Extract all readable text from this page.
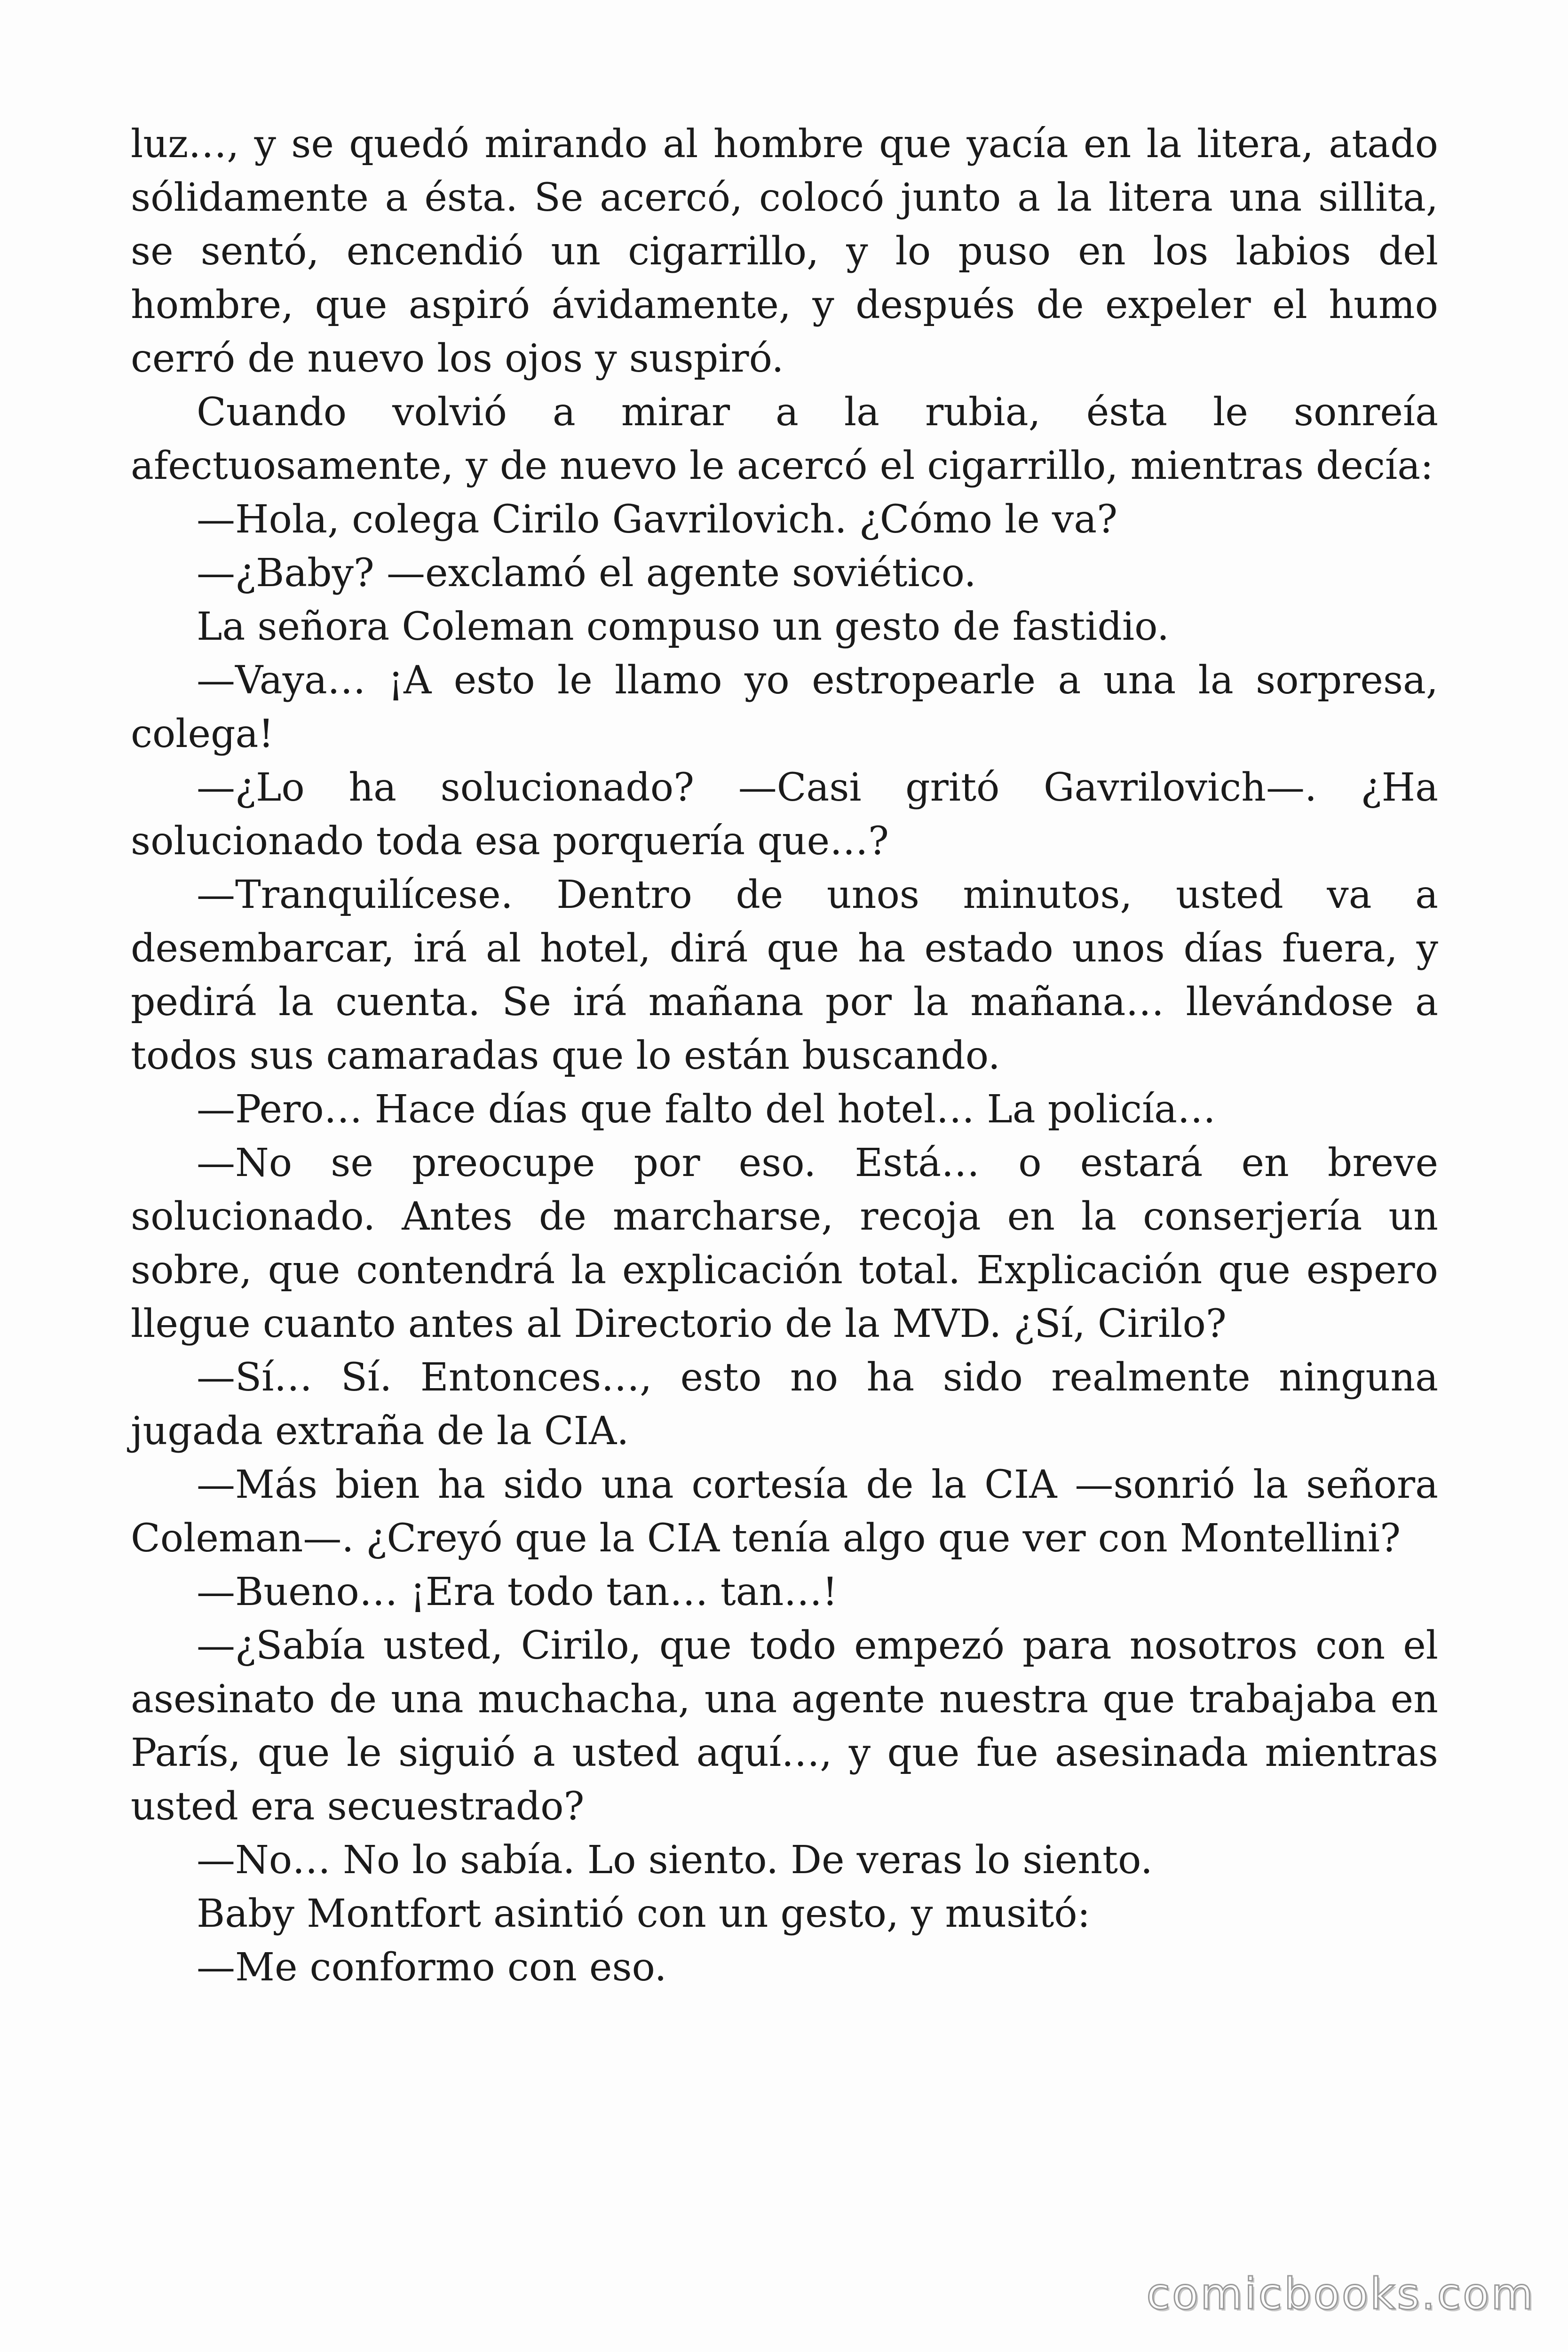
luz…, y se quedó mirando al hombre que yacía en la litera, atado sólidamente a ésta. Se acercó, colocó junto a la litera una sillita, se sentó, encendió un cigarrillo, y lo puso en los labios del hombre, que aspiró ávidamente, y después de expeler el humo cerró de nuevo los ojos y suspiró.

Cuando volvió a mirar a la rubia, ésta le sonreía afectuosamente, y de nuevo le acercó el cigarrillo, mientras decía:

—Hola, colega Cirilo Gavrilovich. ¿Cómo le va?

—¿Baby? —exclamó el agente soviético.

La señora Coleman compuso un gesto de fastidio.

—Vaya… ¡A esto le llamo yo estropearle a una la sorpresa, colega!

—¿Lo ha solucionado? —Casi gritó Gavrilovich—. ¿Ha solucionado toda esa porquería que…?

—Tranquilícese. Dentro de unos minutos, usted va a desembarcar, irá al hotel, dirá que ha estado unos días fuera, y pedirá la cuenta. Se irá mañana por la mañana… llevándose a todos sus camaradas que lo están buscando.

—Pero… Hace días que falto del hotel… La policía…

—No se preocupe por eso. Está… o estará en breve solucionado. Antes de marcharse, recoja en la conserjería un sobre, que contendrá la explicación total. Explicación que espero llegue cuanto antes al Directorio de la MVD. ¿Sí, Cirilo?

—Sí… Sí. Entonces…, esto no ha sido realmente ninguna jugada extraña de la CIA.

—Más bien ha sido una cortesía de la CIA —sonrió la señora Coleman—. ¿Creyó que la CIA tenía algo que ver con Montellini?

—Bueno… ¡Era todo tan… tan…!

—¿Sabía usted, Cirilo, que todo empezó para nosotros con el asesinato de una muchacha, una agente nuestra que trabajaba en París, que le siguió a usted aquí…, y que fue asesinada mientras usted era secuestrado?

—No… No lo sabía. Lo siento. De veras lo siento.

Baby Montfort asintió con un gesto, y musitó:

—Me conformo con eso.

comicbooks.com
